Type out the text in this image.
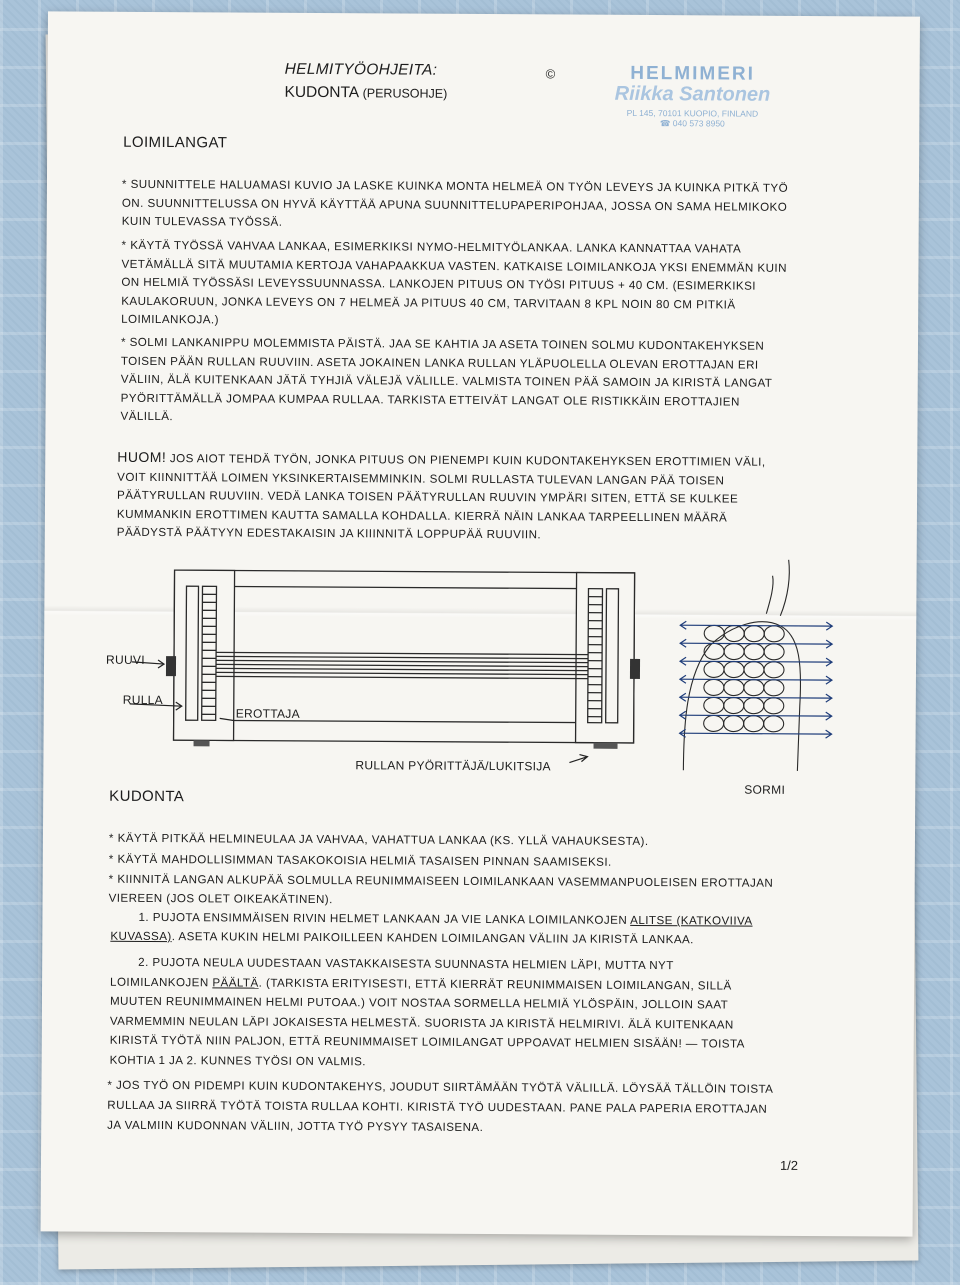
HELMITYÖOHJEITA:
KUDONTA (PERUSOHJE)
©	HELMIMERI
Riikka Santonen
PL 145, 70101 KUOPIO, FINLAND
☎ 040 573 8950
LOIMILANGAT
* SUUNNITTELE HALUAMASI KUVIO JA LASKE KUINKA MONTA HELMEÄ ON TYÖN LEVEYS JA KUINKA PITKÄ TYÖ
ON. SUUNNITTELUSSA ON HYVÄ KÄYTTÄÄ APUNA SUUNNITTELUPAPERIPOHJAA, JOSSA ON SAMA HELMIKOKO
KUIN TULEVASSA TYÖSSÄ.
* KÄYTÄ TYÖSSÄ VAHVAA LANKAA, ESIMERKIKSI NYMO-HELMITYÖLANKAA. LANKA KANNATTAA VAHATA
VETÄMÄLLÄ SITÄ MUUTAMIA KERTOJA VAHAPAAKKUA VASTEN. KATKAISE LOIMILANKOJA YKSI ENEMMÄN KUIN
ON HELMIÄ TYÖSSÄSI LEVEYSSUUNNASSA. LANKOJEN PITUUS ON TYÖSI PITUUS + 40 CM. (ESIMERKIKSI
KAULAKORUUN, JONKA LEVEYS ON 7 HELMEÄ JA PITUUS 40 CM, TARVITAAN 8 KPL NOIN 80 CM PITKIÄ
LOIMILANKOJA.)
* SOLMI LANKANIPPU MOLEMMISTA PÄISTÄ. JAA SE KAHTIA JA ASETA TOINEN SOLMU KUDONTAKEHYKSEN
TOISEN PÄÄN RULLAN RUUVIIN. ASETA JOKAINEN LANKA RULLAN YLÄPUOLELLA OLEVAN EROTTAJAN ERI
VÄLIIN, ÄLÄ KUITENKAAN JÄTÄ TYHJIÄ VÄLEJÄ VÄLILLE. VALMISTA TOINEN PÄÄ SAMOIN JA KIRISTÄ LANGAT
PYÖRITTÄMÄLLÄ JOMPAA KUMPAA RULLAA. TARKISTA ETTEIVÄT LANGAT OLE RISTIKKÄIN EROTTAJIEN
VÄLILLÄ.
HUOM! JOS AIOT TEHDÄ TYÖN, JONKA PITUUS ON PIENEMPI KUIN KUDONTAKEHYKSEN EROTTIMIEN VÄLI,
VOIT KIINNITTÄÄ LOIMEN YKSINKERTAISEMMINKIN. SOLMI RULLASTA TULEVAN LANGAN PÄÄ TOISEN
PÄÄTYRULLAN RUUVIIN. VEDÄ LANKA TOISEN PÄÄTYRULLAN RUUVIN YMPÄRI SITEN, ETTÄ SE KULKEE
KUMMANKIN EROTTIMEN KAUTTA SAMALLA KOHDALLA. KIERRÄ NÄIN LANKAA TARPEELLINEN MÄÄRÄ
PÄÄDYSTÄ PÄÄTYYN EDESTAKAISIN JA KIIINNITÄ LOPPUPÄÄ RUUVIIN.
RUUVI
RULLA
EROTTAJA
RULLAN PYÖRITTÄJÄ/LUKITSIJA
SORMI
KUDONTA
* KÄYTÄ PITKÄÄ HELMINEULAA JA VAHVAA, VAHATTUA LANKAA (KS. YLLÄ VAHAUKSESTA).
* KÄYTÄ MAHDOLLISIMMAN TASAKOKOISIA HELMIÄ TASAISEN PINNAN SAAMISEKSI.
* KIINNITÄ LANGAN ALKUPÄÄ SOLMULLA REUNIMMAISEEN LOIMILANKAAN VASEMMANPUOLEISEN EROTTAJAN
VIEREEN (JOS OLET OIKEAKÄTINEN).
1. PUJOTA ENSIMMÄISEN RIVIN HELMET LANKAAN JA VIE LANKA LOIMILANKOJEN ALITSE (KATKOVIIVA
KUVASSA). ASETA KUKIN HELMI PAIKOILLEEN KAHDEN LOIMILANGAN VÄLIIN JA KIRISTÄ LANKAA.
2. PUJOTA NEULA UUDESTAAN VASTAKKAISESTA SUUNNASTA HELMIEN LÄPI, MUTTA NYT
LOIMILANKOJEN PÄÄLTÄ. (TARKISTA ERITYISESTI, ETTÄ KIERRÄT REUNIMMAISEN LOIMILANGAN, SILLÄ
MUUTEN REUNIMMAINEN HELMI PUTOAA.) VOIT NOSTAA SORMELLA HELMIÄ YLÖSPÄIN, JOLLOIN SAAT
VARMEMMIN NEULAN LÄPI JOKAISESTA HELMESTÄ. SUORISTA JA KIRISTÄ HELMIRIVI. ÄLÄ KUITENKAAN
KIRISTÄ TYÖTÄ NIIN PALJON, ETTÄ REUNIMMAISET LOIMILANGAT UPPOAVAT HELMIEN SISÄÄN! — TOISTA
KOHTIA 1 JA 2. KUNNES TYÖSI ON VALMIS.
* JOS TYÖ ON PIDEMPI KUIN KUDONTAKEHYS, JOUDUT SIIRTÄMÄÄN TYÖTÄ VÄLILLÄ. LÖYSÄÄ TÄLLÖIN TOISTA
RULLAA JA SIIRRÄ TYÖTÄ TOISTA RULLAA KOHTI. KIRISTÄ TYÖ UUDESTAAN. PANE PALA PAPERIA EROTTAJAN
JA VALMIIN KUDONNAN VÄLIIN, JOTTA TYÖ PYSYY TASAISENA.
1/2
